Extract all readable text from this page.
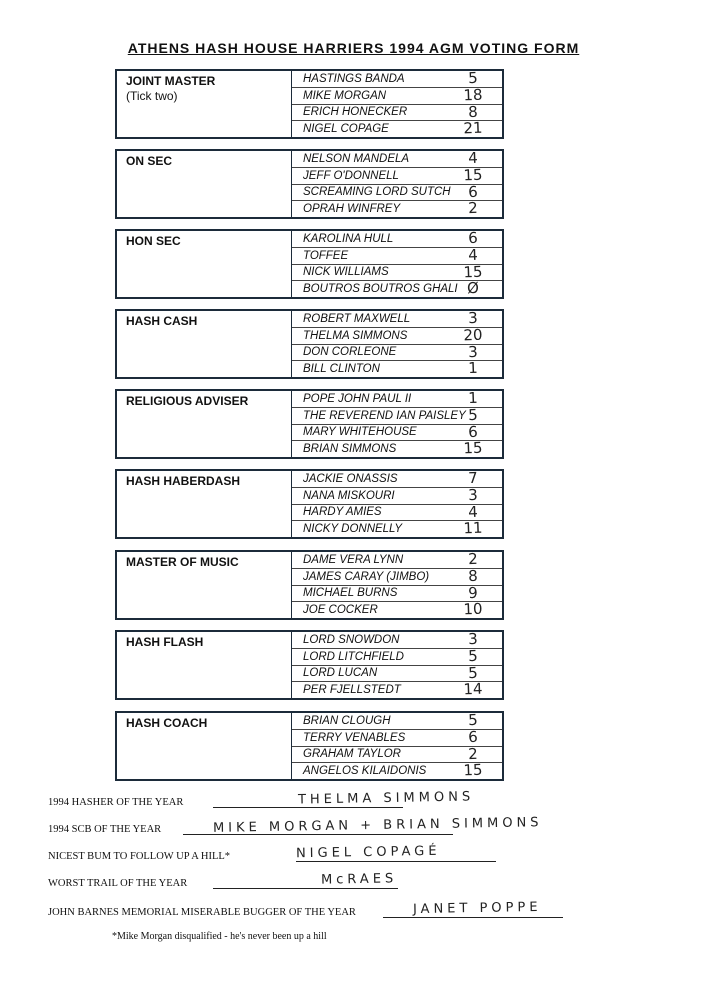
ATHENS HASH HOUSE HARRIERS 1994 AGM VOTING FORM
JOINT MASTER
(Tick two)
HASTINGS BANDA	5
MIKE MORGAN	18
ERICH HONECKER	8
NIGEL COPAGE	21
ON SEC	NELSON MANDELA	4
JEFF O'DONNELL	15
SCREAMING LORD SUTCH	6
OPRAH WINFREY	2
HON SEC	KAROLINA HULL	6
TOFFEE	4
NICK WILLIAMS	15
BOUTROS BOUTROS GHALI Ø
HASH CASH	ROBERT MAXWELL	3
THELMA SIMMONS	20
DON CORLEONE	3
BILL CLINTON	1
RELIGIOUS ADVISER	POPE JOHN PAUL II	1
THE REVEREND IAN PAISLEY 5
MARY WHITEHOUSE	6
BRIAN SIMMONS	15
HASH HABERDASH	JACKIE ONASSIS	7
NANA MISKOURI	3
HARDY AMIES	4
NICKY DONNELLY	11
MASTER OF MUSIC	DAME VERA LYNN	2
JAMES CARAY (JIMBO)	8
MICHAEL BURNS	9
JOE COCKER	10
HASH FLASH	LORD SNOWDON	3
LORD LITCHFIELD	5
LORD LUCAN	5
PER FJELLSTEDT	14
HASH COACH	BRIAN CLOUGH	5
TERRY VENABLES	6
GRAHAM TAYLOR	2
ANGELOS KILAIDONIS	15
1994 HASHER OF THE YEAR	THELMA SIMMONS
1994 SCB OF THE YEAR	MIKE MORGAN + BRIAN SIMMONS
NICEST BUM TO FOLLOW UP A HILL*	NIGEL COPAGÉ
WORST TRAIL OF THE YEAR	McRAES
JOHN BARNES MEMORIAL MISERABLE BUGGER OF THE YEAR	JANET POPPE
*Mike Morgan disqualified - he's never been up a hill
